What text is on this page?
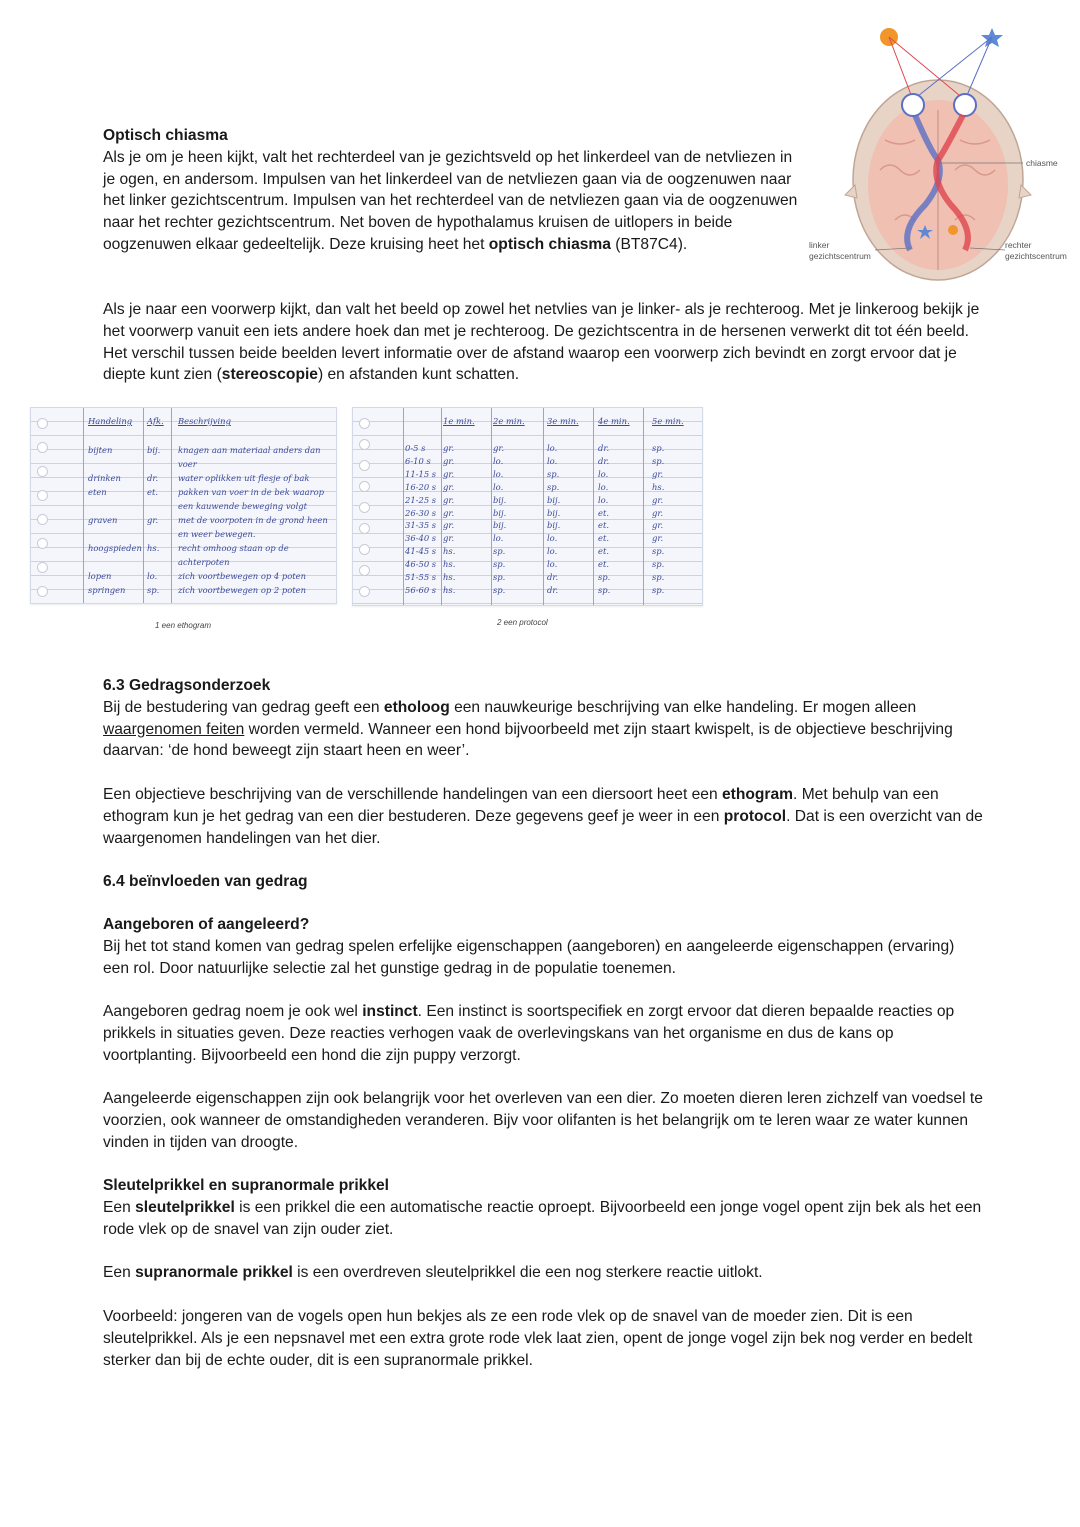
Optisch chiasma

Als je om je heen kijkt, valt het rechterdeel van je gezichtsveld op het linkerdeel van de netvliezen in je ogen, en andersom. Impulsen van het linkerdeel van de netvliezen gaan via de oogzenuwen naar het linker gezichtscentrum. Impulsen van het rechterdeel van de netvliezen gaan via de oogzenuwen naar het rechter gezichtscentrum. Net boven de hypothalamus kruisen de uitlopers in beide oogzenuwen elkaar gedeeltelijk. Deze kruising heet het optisch chiasma (BT87C4).

Als je naar een voorwerp kijkt, dan valt het beeld op zowel het netvlies van je linker- als je rechteroog. Met je linkeroog bekijk je het voorwerp vanuit een iets andere hoek dan met je rechteroog. De gezichtscentra in de hersenen verwerkt dit tot één beeld. Het verschil tussen beide beelden levert informatie over de afstand waarop een voorwerp zich bevindt en zorgt ervoor dat je diepte kunt zien (stereoscopie) en afstanden kunt schatten.

chiasme
linker
gezichtscentrum
rechter
gezichtscentrum
Handeling Afk. Beschrijving
bijten	bij. knagen aan materiaal anders dan
voer
drinken	dr. water oplikken uit flesje of bak
eten	et. pakken van voer in de bek waarop
een kauwende beweging volgt
graven	gr. met de voorpoten in de grond heen
en weer bewegen.
hoogspieden hs. recht omhoog staan op de
achterpoten
lopen	lo. zich voortbewegen op 4 poten
springen	sp. zich voortbewegen op 2 poten
1 een ethogram
1e min. 2e min.	3e min. 4e min.	5e min.
0-5 s gr.	gr.	lo.	dr.	sp.
6-10 s gr.	lo.	lo.	dr.	sp.
11-15 s gr.	lo.	sp.	lo.	gr.
16-20 s gr.	lo.	sp.	lo.	hs.
21-25 s gr.	bij.	bij.	lo.	gr.
26-30 s gr.	bij.	bij.	et.	gr.
31-35 s gr.	bij.	bij.	et.	gr.
36-40 s gr.	lo.	lo.	et.	gr.
41-45 s hs.	sp.	lo.	et.	sp.
46-50 s hs.	sp.	lo.	et.	sp.
51-55 s hs.	sp.	dr.	sp.	sp.
56-60 s hs.	sp.	dr.	sp.	sp.
2 een protocol
6.3 Gedragsonderzoek

Bij de bestudering van gedrag geeft een etholoog een nauwkeurige beschrijving van elke handeling. Er mogen alleen waargenomen feiten worden vermeld. Wanneer een hond bijvoorbeeld met zijn staart kwispelt, is de objectieve beschrijving daarvan: ‘de hond beweegt zijn staart heen en weer’.

Een objectieve beschrijving van de verschillende handelingen van een diersoort heet een ethogram. Met behulp van een ethogram kun je het gedrag van een dier bestuderen. Deze gegevens geef je weer in een protocol. Dat is een overzicht van de waargenomen handelingen van het dier.

6.4 beïnvloeden van gedrag
Aangeboren of aangeleerd?

Bij het tot stand komen van gedrag spelen erfelijke eigenschappen (aangeboren) en aangeleerde eigenschappen (ervaring) een rol. Door natuurlijke selectie zal het gunstige gedrag in de populatie toenemen.

Aangeboren gedrag noem je ook wel instinct. Een instinct is soortspecifiek en zorgt ervoor dat dieren bepaalde reacties op prikkels in situaties geven. Deze reacties verhogen vaak de overlevingskans van het organisme en dus de kans op voortplanting. Bijvoorbeeld een hond die zijn puppy verzorgt.

Aangeleerde eigenschappen zijn ook belangrijk voor het overleven van een dier. Zo moeten dieren leren zichzelf van voedsel te voorzien, ook wanneer de omstandigheden veranderen. Bijv voor olifanten is het belangrijk om te leren waar ze water kunnen vinden in tijden van droogte.

Sleutelprikkel en supranormale prikkel

Een sleutelprikkel is een prikkel die een automatische reactie oproept. Bijvoorbeeld een jonge vogel opent zijn bek als het een rode vlek op de snavel van zijn ouder ziet.

Een supranormale prikkel is een overdreven sleutelprikkel die een nog sterkere reactie uitlokt.

Voorbeeld: jongeren van de vogels open hun bekjes als ze een rode vlek op de snavel van de moeder zien. Dit is een sleutelprikkel. Als je een nepsnavel met een extra grote rode vlek laat zien, opent de jonge vogel zijn bek nog verder en bedelt sterker dan bij de echte ouder, dit is een supranormale prikkel.
